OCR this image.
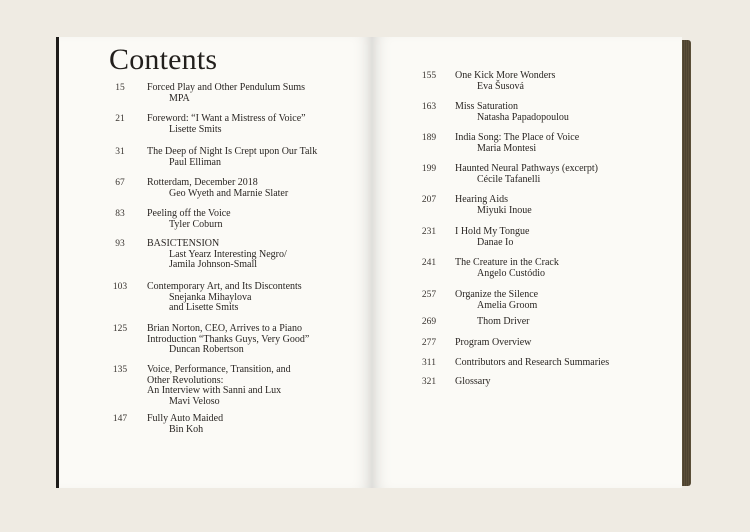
Contents
15	Forced Play and Other Pendulum Sums
MPA
21	Foreword: “I Want a Mistress of Voice”
Lisette Smits
31	The Deep of Night Is Crept upon Our Talk
Paul Elliman
67	Rotterdam, December 2018
Geo Wyeth and Marnie Slater
83	Peeling off the Voice
Tyler Coburn
93	BASICTENSION
Last Yearz Interesting Negro/
Jamila Johnson-Small
103	Contemporary Art, and Its Discontents
Snejanka Mihaylova
and Lisette Smits
125	Brian Norton, CEO, Arrives to a Piano
Introduction “Thanks Guys, Very Good”
Duncan Robertson
135	Voice, Performance, Transition, and
Other Revolutions:
An Interview with Sanni and Lux
Mavi Veloso
147	Fully Auto Maided
Bin Koh
155	One Kick More Wonders
Eva Šusová
163	Miss Saturation
Natasha Papadopoulou
189	India Song: The Place of Voice
Maria Montesi
199	Haunted Neural Pathways (excerpt)
Cécile Tafanelli
207	Hearing Aids
Miyuki Inoue
231	I Hold My Tongue
Danae Io
241	The Creature in the Crack
Angelo Custódio
257	Organize the Silence
Amelia Groom
269	Thom Driver
277	Program Overview
311	Contributors and Research Summaries
321	Glossary
